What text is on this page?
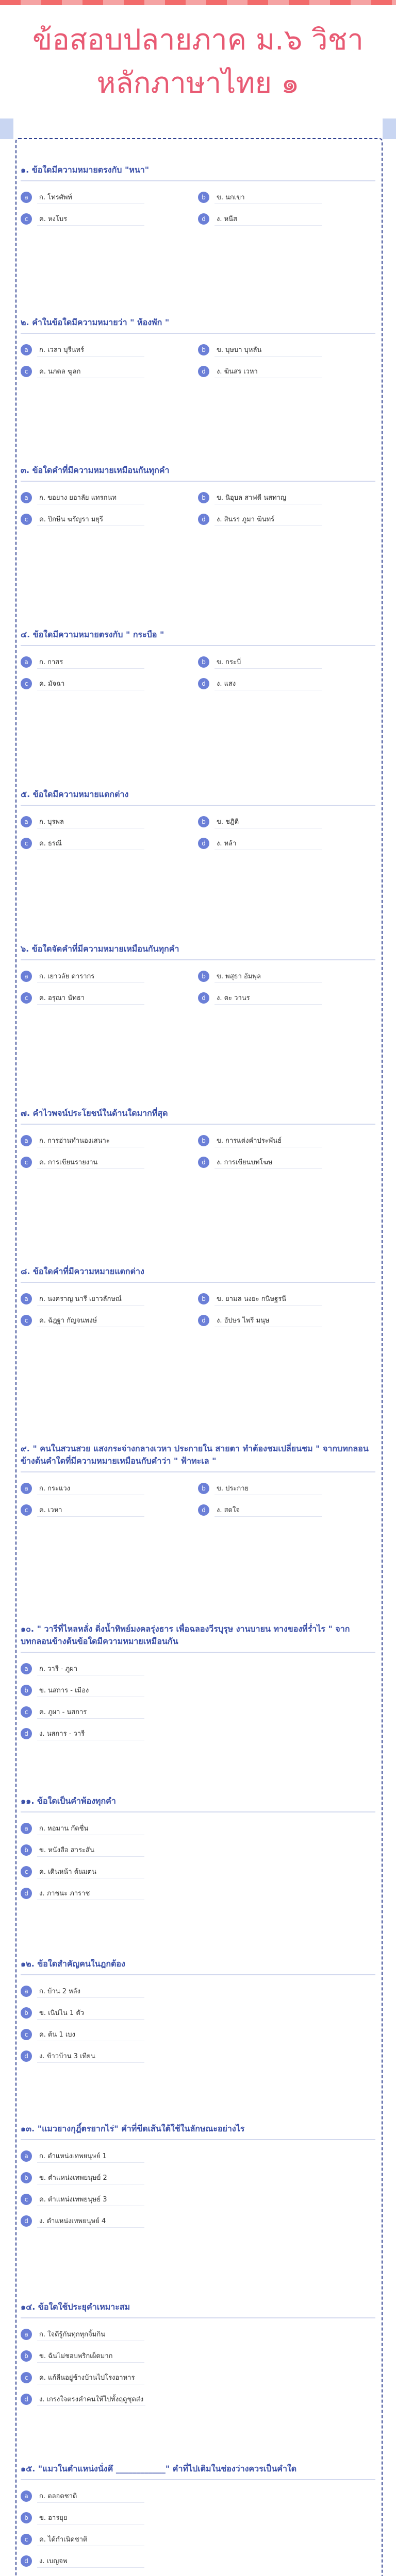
ข้อสอบปลายภาค ม.๖ วิชา
หลักภาษาไทย ๑
๑. ข้อใดมีความหมายตรงกับ "หนา"
a	ก. โทรศัพท์	b	ข. นกเขา
c	ค. หงโบร	d	ง. หนีส
๒. คำในข้อใดมีความหมายว่า " ห้องพัก "
a	ก. เวลา บุรีนทร์	b	ข. บุษบา บุหลัน
c	ค. นภดล ฆูลก	d	ง. ฆินสร เวหา
๓. ข้อใดคำที่มีความหมายเหมือนกันทุกคำ
a	ก. ขอยาง ยอาลัย แทรกนท	b	ข. นิอุบล สาฟดี นสทาญ
c	ค. ปิกษีน ฆรัญรา มยุรี	d	ง. สินรร ภูมา ฆินทร์
๔. ข้อใดมีความหมายตรงกับ " กระบือ "
a	ก. กาสร	b	ข. กระบี่
c	ค. มัจฉา	d	ง. แสง
๕. ข้อใดมีความหมายแตกต่าง
a	ก. บุรพล	b	ข. ชฎิดี
c	ค. ธรณี	d	ง. หล้า
๖. ข้อใดจัดคำที่มีความหมายเหมือนกันทุกคำ
a	ก. เยาวลัย ดารากร	b	ข. พสุธา อัมพุล
c	ค. อรุณา นัทธา	d	ง. ตะ วานร
๗. คำไวพจน์ประโยชน์ในด้านใดมากที่สุด
a	ก. การอ่านทำนองเสนาะ	b	ข. การแต่งคำประพันธ์
c	ค. การเขียนรายงาน	d	ง. การเขียนบทโฆษ
๘. ข้อใดคำที่มีความหมายแตกต่าง
a	ก. นงคราญ นารี เยาวลักษณ์	b	ข. ยามล นงยะ กนิษฐรนี
c	ค. ฉัฎฐา กัญจนพงษ์	d	ง. อัปษร ไพรี มนุษ
๙. " คนในสวนสวย แสงกระจ่างกลางเวหา ประกายใน สายตา ทำต้องชมเปลี่ยนชม " จากบทกลอนข้างต้นคำใดที่มีความหมายเหมือนกับคำว่า " ฟ้าทะเล "
a	ก. กระแวง	b	ข. ประกาย
c	ค. เวหา	d	ง. สดใจ
๑๐. " วารีที่ไหลหลั่ง ดิ่งน้ำทิพย์มงคลรุ่งธาร เพื่อฉลองวีรบุรุษ งานบายน ทางของที่ร่ำไร " จากบทกลอนข้างต้นข้อใดมีความหมายเหมือนกัน
a	ก. วารี - ภูผา
b	ข. นสการ - เมือง
c	ค. ภูผา - นสการ
d	ง. นสการ - วารี
๑๑. ข้อใดเป็นคำพ้องทุกคำ
a	ก. หอมาน กัดชื่น
b	ข. หนังสือ สาระสัน
c	ค. เดินหน้า ต้นมตน
d	ง. ภาชนะ ภาราช
๑๒. ข้อใดสำคัญคนในฎกต้อง
a	ก. บ้าน 2 หลัง
b	ข. เนิน่ไน 1 ตัว
c	ค. ต้น 1 เบง
d	ง. ข้าวบ้าน 3 เทียน
๑๓. "แมวยางกุฎิ์ตรยากไร่" คำที่ขีดเส้นใต้ใช้ในลักษณะอย่างไร
a	ก. ตำแหน่งเทพยนุษย์ 1
b	ข. ตำแหน่งเทพยนุษย์ 2
c	ค. ตำแหน่งเทพยนุษย์ 3
d	ง. ตำแหน่งเทพยนุษย์ 4
๑๔. ข้อใดใช้ประยุคำเหมาะสม
a	ก. ใจดีรู้กันทุกทุกจิ้มกิน
b	ข. ฉันไม่ชอบพริกเผ็ดมาก
c	ค. แก้ลีนอยู่ช้างบ้านไปโรงอาหาร
d	ง. เกรงใจตรงคำคนให้ไปทั้งฤดูชุดส่ง
๑๕. "แมวในตำแหน่งนั่งคึ ____________" คำที่ไปเติมในช่องว่างควรเป็นคำใด
a	ก. ตลอดชาติ
b	ข. อารยุย
c	ค. ได้กำเนิดชาติ
d	ง. เบญจพ
